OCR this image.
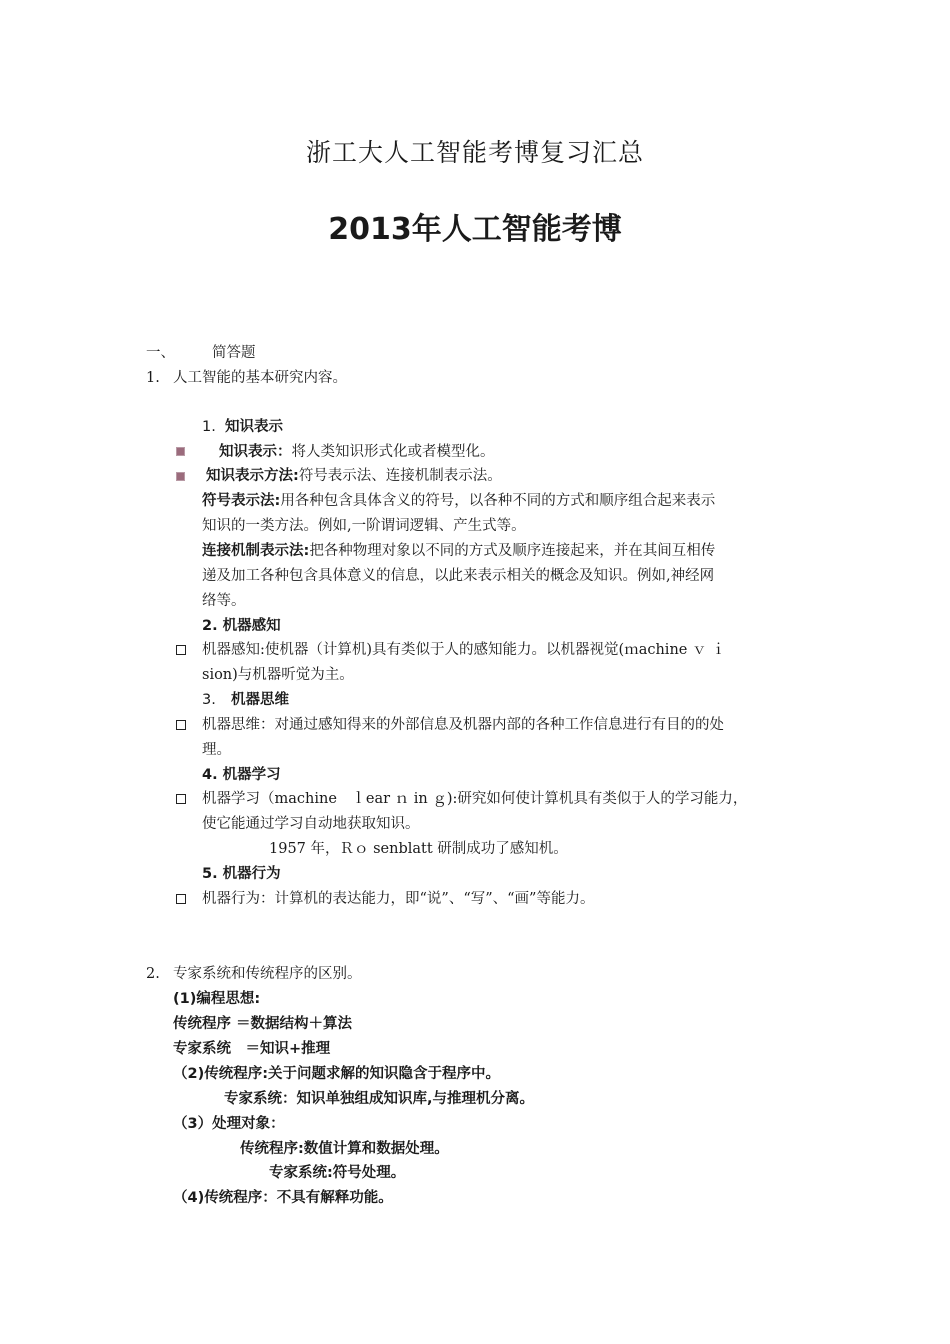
浙工大人工智能考博复习汇总
2013年人工智能考博
一、	简答题
1. 人工智能的基本研究内容。
1. 知识表示
知识表示：将人类知识形式化或者模型化。
知识表示方法:符号表示法、连接机制表示法。
符号表示法:用各种包含具体含义的符号，以各种不同的方式和顺序组合起来表示
知识的一类方法。例如,一阶谓词逻辑、产生式等。
连接机制表示法:把各种物理对象以不同的方式及顺序连接起来，并在其间互相传
递及加工各种包含具体意义的信息，以此来表示相关的概念及知识。例如,神经网
络等。
2. 机器感知
机器感知:使机器（计算机)具有类似于人的感知能力。以机器视觉(ｍachine ｖ ｉ
sion)与机器听觉为主。
3. 机器思维
机器思维：对通过感知得来的外部信息及机器内部的各种工作信息进行有目的的处
理。
4. 机器学习
机器学习（machine　ｌear ｎ in ｇ):研究如何使计算机具有类似于人的学习能力，
使它能通过学习自动地获取知识。
1957 年，Ｒｏ senblatt 研制成功了感知机。
5. 机器行为
机器行为：计算机的表达能力，即“说”、“写”、“画”等能力。
2. 专家系统和传统程序的区别。
(1)编程思想:
传统程序 ＝数据结构＋算法
专家系统　＝知识+推理
（2)传统程序:关于问题求解的知识隐含于程序中。
专家系统：知识单独组成知识库,与推理机分离。
（3）处理对象：
传统程序:数值计算和数据处理。
专家系统:符号处理。
（4)传统程序：不具有解释功能。
